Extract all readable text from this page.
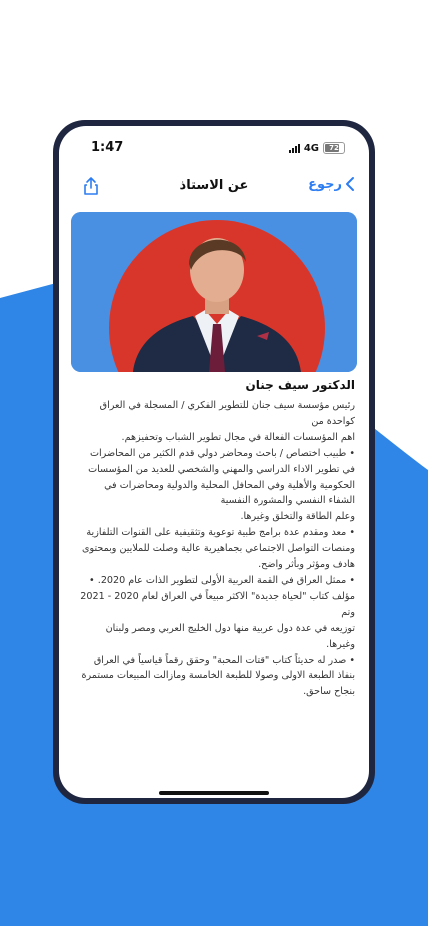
1:47	4G 72
عن الاستاذ	رجوع
الدكتور سيف جنان

رئيس مؤسسة سيف جنان للتطوير الفكري / المسجلة في العراق كواحدة من
اهم المؤسسات الفعالة في مجال تطوير الشباب وتحفيزهم.
• طبيب اختصاص / باحث ومحاضر دولي قدم الكثير من المحاضرات في تطوير الاداء الدراسي والمهني والشخصي للعديد من المؤسسات الحكومية والأهلية وفي المحافل المحلية والدولية ومحاضرات في الشفاء النفسي والمشورة النفسية
وعلم الطاقة والتخلق وغيرها.
• معد ومقدم عدة برامج طبية توعوية وتثقيفية على القنوات التلفازية ومنصات التواصل الاجتماعي بجماهيرية عالية وصلت للملايين وبمحتوى هادف ومؤثر وبأثر واضح.
• ممثل العراق في القمة العربية الأولى لتطوير الذات عام 2020. • مؤلف كتاب "لحياة جديدة" الاكثر مبيعاً في العراق لعام 2020 - 2021 وتم
توزيعه في عدة دول عربية منها دول الخليج العربي ومصر ولبنان وغيرها.
• صدر له حديثاً كتاب "قتات المحبة" وحقق رقماً قياسياً في العراق بنفاذ الطبعة الاولى وصولا للطبعة الخامسة ومازالت المبيعات مستمرة بنجاح ساحق.
